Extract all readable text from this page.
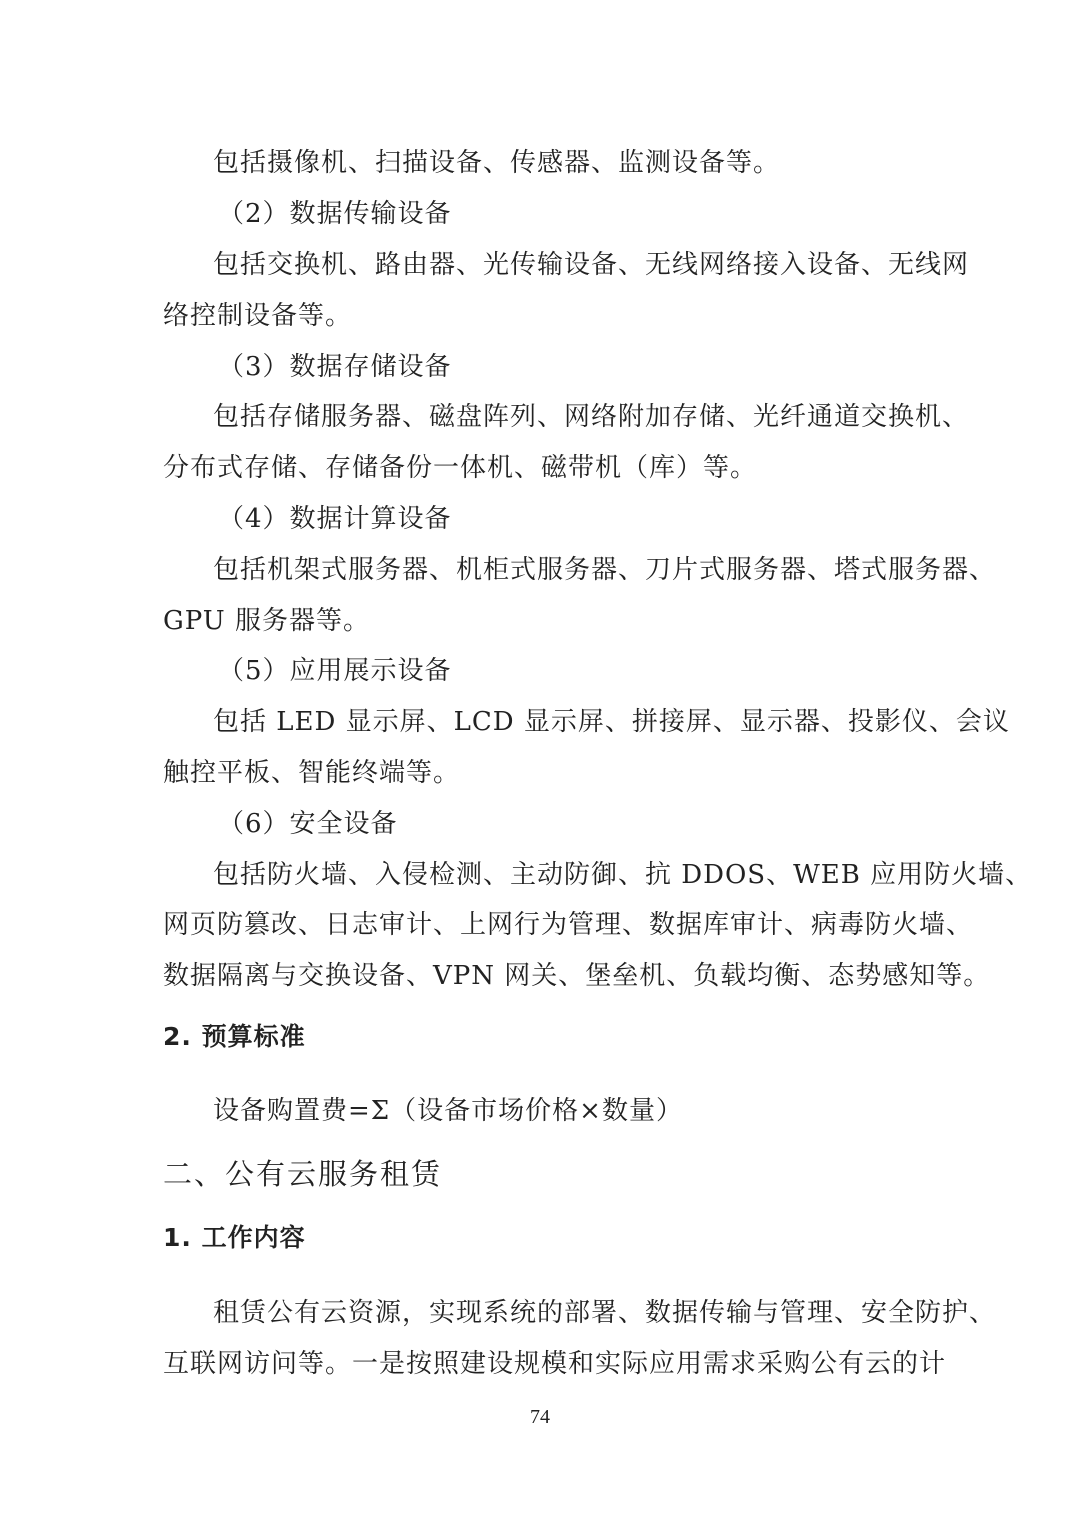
包括摄像机、扫描设备、传感器、监测设备等。
（2）数据传输设备
包括交换机、路由器、光传输设备、无线网络接入设备、无线网
络控制设备等。
（3）数据存储设备
包括存储服务器、磁盘阵列、网络附加存储、光纤通道交换机、
分布式存储、存储备份一体机、磁带机（库）等。
（4）数据计算设备
包括机架式服务器、机柜式服务器、刀片式服务器、塔式服务器、
GPU 服务器等。
（5）应用展示设备
包括 LED 显示屏、LCD 显示屏、拼接屏、显示器、投影仪、会议
触控平板、智能终端等。
（6）安全设备
包括防火墙、入侵检测、主动防御、抗 DDOS、WEB 应用防火墙、
网页防篡改、日志审计、上网行为管理、数据库审计、病毒防火墙、
数据隔离与交换设备、VPN 网关、堡垒机、负载均衡、态势感知等。
2. 预算标准
设备购置费=Σ（设备市场价格×数量）
二、公有云服务租赁
1. 工作内容
租赁公有云资源，实现系统的部署、数据传输与管理、安全防护、
互联网访问等。一是按照建设规模和实际应用需求采购公有云的计
74
